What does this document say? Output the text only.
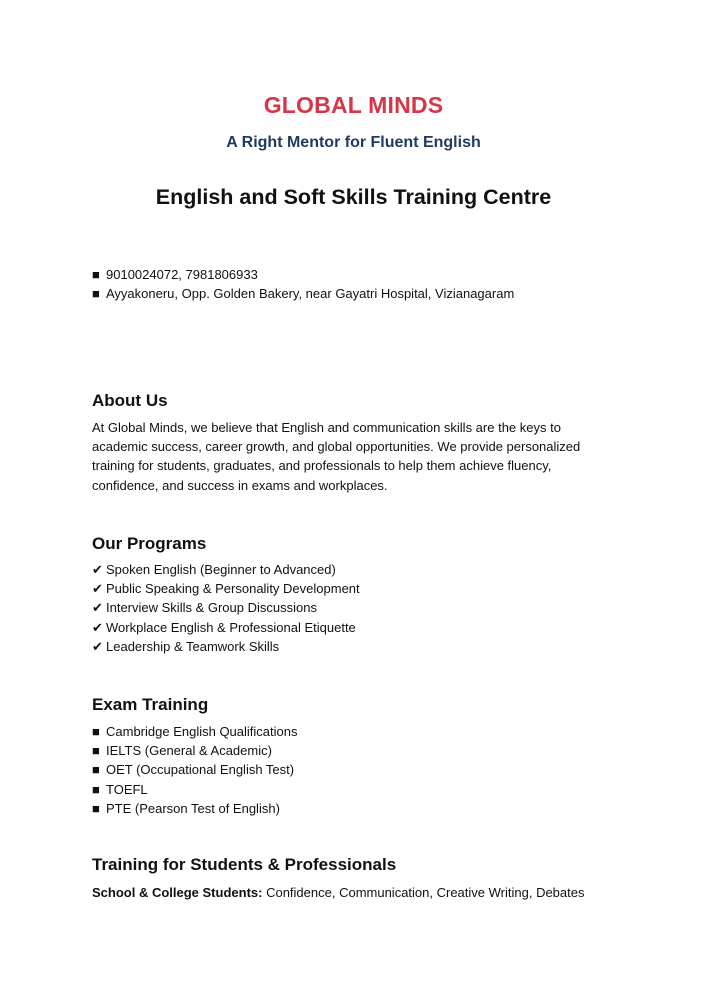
GLOBAL MINDS

A Right Mentor for Fluent English

English and Soft Skills Training Centre

■ 9010024072, 7981806933

■ Ayyakoneru, Opp. Golden Bakery, near Gayatri Hospital, Vizianagaram

About Us

At Global Minds, we believe that English and communication skills are the keys to

academic success, career growth, and global opportunities. We provide personalized

training for students, graduates, and professionals to help them achieve fluency,

confidence, and success in exams and workplaces.

Our Programs

✔ Spoken English (Beginner to Advanced)

✔ Public Speaking & Personality Development

✔ Interview Skills & Group Discussions

✔ Workplace English & Professional Etiquette

✔ Leadership & Teamwork Skills

Exam Training

■ Cambridge English Qualifications

■ IELTS (General & Academic)

■ OET (Occupational English Test)

■ TOEFL

■ PTE (Pearson Test of English)

Training for Students & Professionals

School & College Students: Confidence, Communication, Creative Writing, Debates
